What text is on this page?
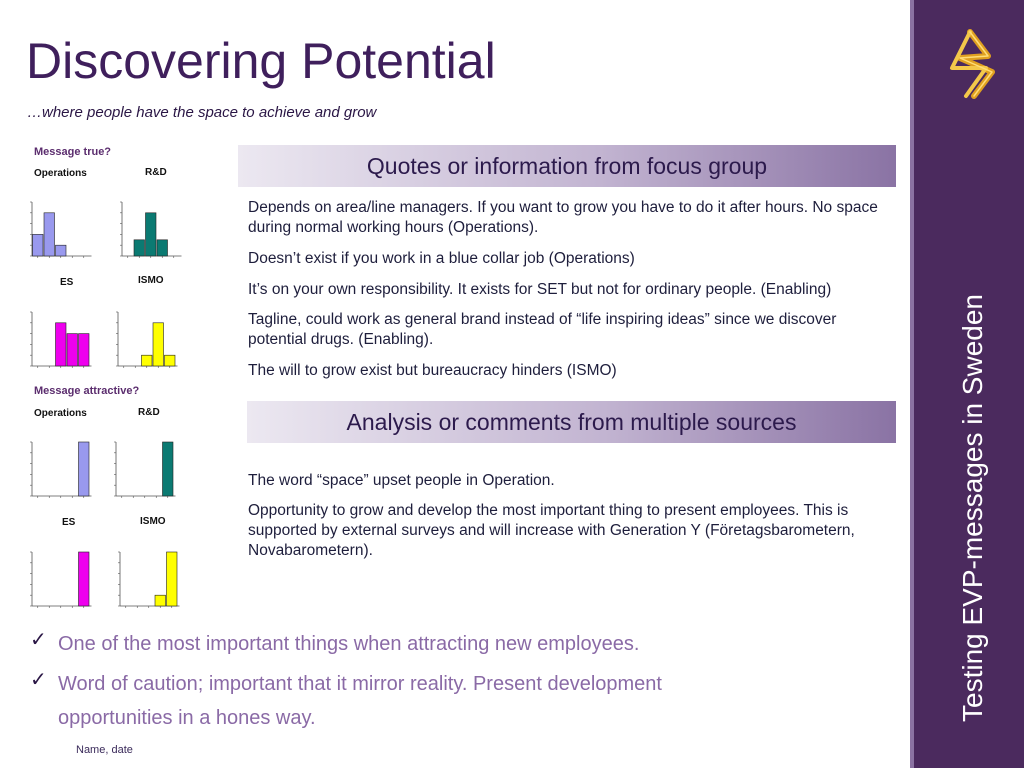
Discovering Potential
…where people have the space to achieve and grow
Testing EVP-messages in Sweden
Message true?
Message attractive?
Operations	R&D
ES	ISMO
Operations	R&D
ES	ISMO
Quotes or information from focus group
Depends on area/line managers. If you want to grow you have to do it after hours. No space during normal working hours (Operations).
Doesn’t exist if you work in a blue collar job (Operations)
It’s on your own responsibility. It exists for SET but not for ordinary people. (Enabling)
Tagline, could work as general brand instead of “life inspiring ideas” since we discover potential drugs. (Enabling).
The will to grow exist but bureaucracy hinders (ISMO)
Analysis or comments from multiple sources
The word “space” upset people in Operation.
Opportunity to grow and develop the most important thing to present employees. This is supported by external surveys and will increase with Generation Y (Företagsbarometern, Novabarometern).
✓ One of the most important things when attracting new employees.
✓ Word of caution; important that it mirror reality. Present development opportunities in a hones way.
Name, date
